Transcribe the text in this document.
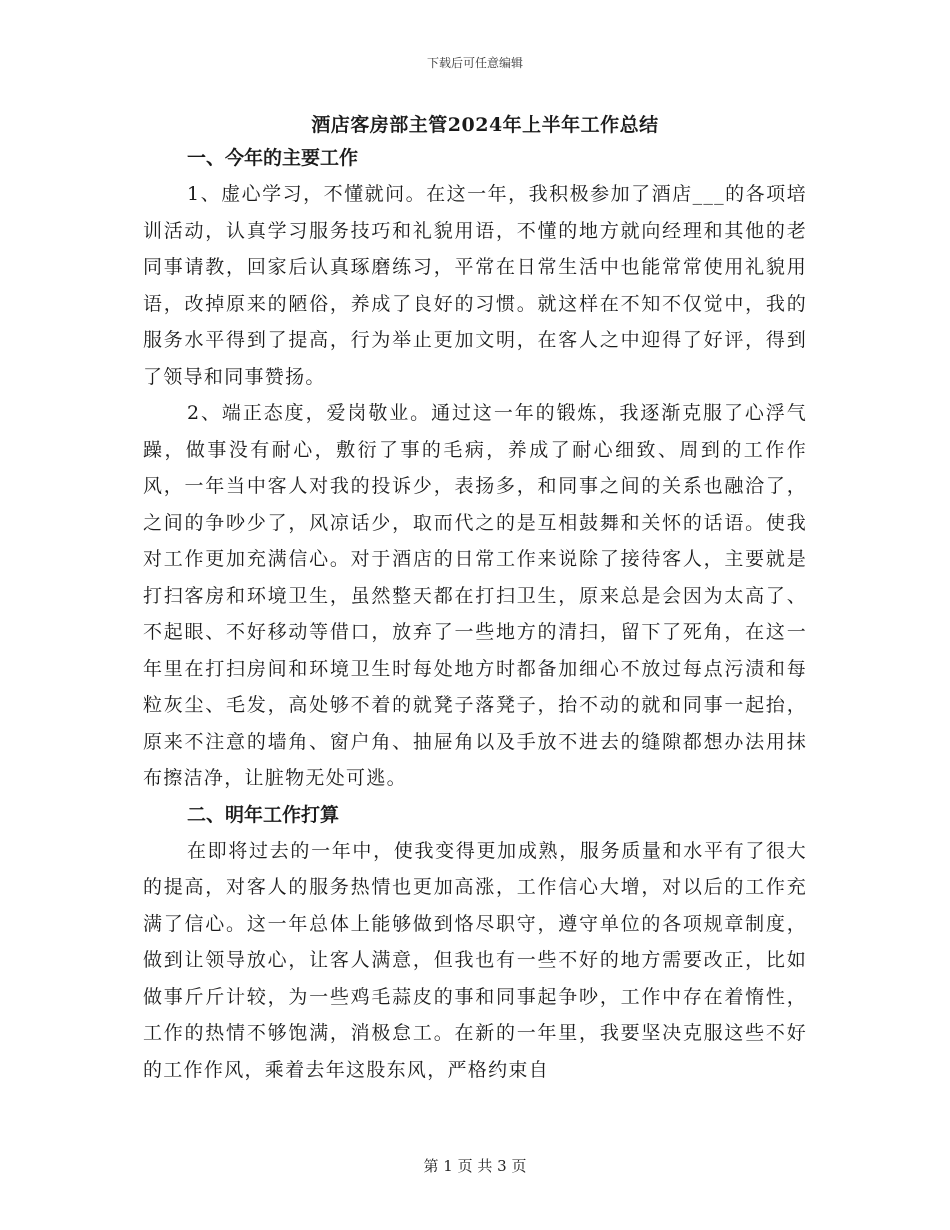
下载后可任意编辑
酒店客房部主管2024年上半年工作总结
一、今年的主要工作

1、虚心学习，不懂就问。在这一年，我积极参加了酒店___的各项培训活动，认真学习服务技巧和礼貌用语，不懂的地方就向经理和其他的老同事请教，回家后认真琢磨练习，平常在日常生活中也能常常使用礼貌用语，改掉原来的陋俗，养成了良好的习惯。就这样在不知不仅觉中，我的服务水平得到了提高，行为举止更加文明，在客人之中迎得了好评，得到了领导和同事赞扬。

2、端正态度，爱岗敬业。通过这一年的锻炼，我逐渐克服了心浮气躁，做事没有耐心，敷衍了事的毛病，养成了耐心细致、周到的工作作风，一年当中客人对我的投诉少，表扬多，和同事之间的关系也融洽了，之间的争吵少了，风凉话少，取而代之的是互相鼓舞和关怀的话语。使我对工作更加充满信心。对于酒店的日常工作来说除了接待客人，主要就是打扫客房和环境卫生，虽然整天都在打扫卫生，原来总是会因为太高了、不起眼、不好移动等借口，放弃了一些地方的清扫，留下了死角，在这一年里在打扫房间和环境卫生时每处地方时都备加细心不放过每点污渍和每粒灰尘、毛发，高处够不着的就凳子落凳子，抬不动的就和同事一起抬，原来不注意的墙角、窗户角、抽屉角以及手放不进去的缝隙都想办法用抹布擦洁净，让脏物无处可逃。

二、明年工作打算

在即将过去的一年中，使我变得更加成熟，服务质量和水平有了很大的提高，对客人的服务热情也更加高涨，工作信心大增，对以后的工作充满了信心。这一年总体上能够做到恪尽职守，遵守单位的各项规章制度，做到让领导放心，让客人满意，但我也有一些不好的地方需要改正，比如做事斤斤计较，为一些鸡毛蒜皮的事和同事起争吵，工作中存在着惰性，工作的热情不够饱满，消极怠工。在新的一年里，我要坚决克服这些不好的工作作风，乘着去年这股东风，严格约束自

第 1 页 共 3 页
